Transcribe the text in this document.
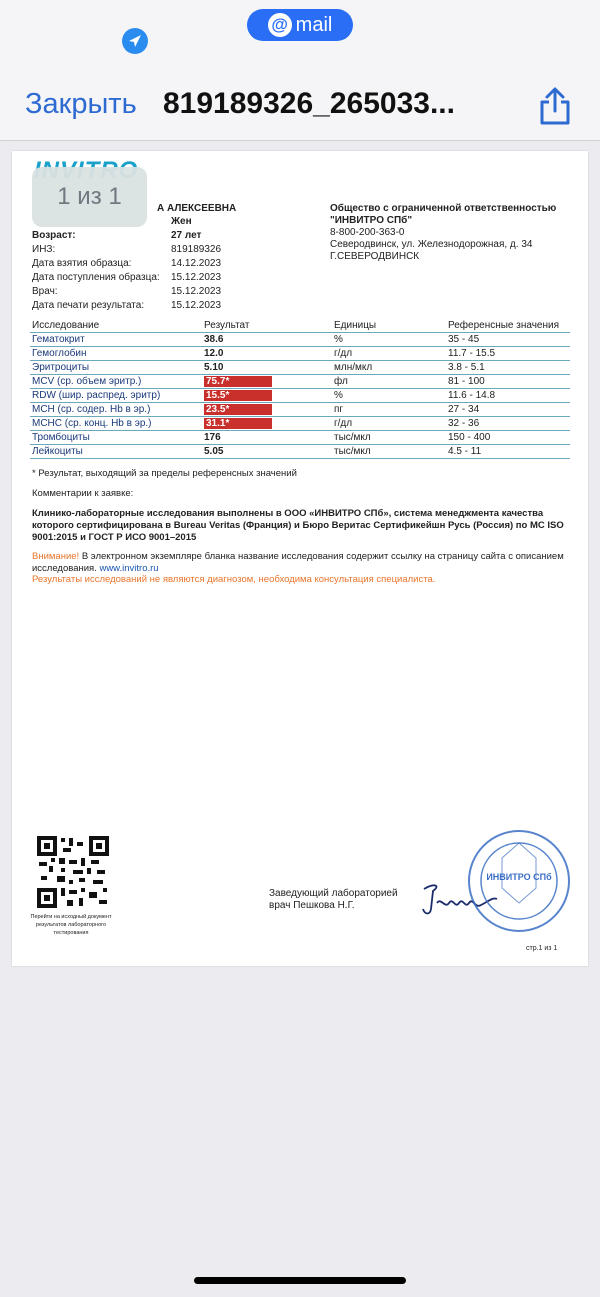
@ mail
Закрыть 819189326_265033...
1 из 1	А АЛЕКСЕЕВНА
Жен
Возраст:	27 лет
ИНЗ:	819189326
Дата взятия образца:	14.12.2023
Дата поступления образца:	15.12.2023
Врач:	15.12.2023
Дата печати результата:	15.12.2023
Общество с ограниченной ответственностью
"ИНВИТРО СПб"
8-800-200-363-0
Северодвинск, ул. Железнодорожная, д. 34
Г.СЕВЕРОДВИНСК
Исследование	Результат	Единицы	Референсные значения
Гематокрит	38.6	%	35 - 45
Гемоглобин	12.0	г/дл	11.7 - 15.5
Эритроциты	5.10	млн/мкл	3.8 - 5.1
MCV (ср. объем эритр.)	75.7*	фл	81 - 100
RDW (шир. распред. эритр)	15.5*	%	11.6 - 14.8
MCH (ср. содер. Hb в эр.)	23.5*	пг	27 - 34
MCHC (ср. конц. Hb в эр.)	31.1*	г/дл	32 - 36
Тромбоциты	176	тыс/мкл	150 - 400
Лейкоциты	5.05	тыс/мкл	4.5 - 11
* Результат, выходящий за пределы референсных значений
Комментарии к заявке:
Клинико-лабораторные исследования выполнены в ООО «ИНВИТРО СПб», система менеджмента качества которого сертифицирована в Bureau Veritas (Франция) и Бюро Веритас Сертификейшн Русь (Россия) по МС ISO 9001:2015 и ГОСТ Р ИСО 9001–2015
Внимание! В электронном экземпляре бланка название исследования содержит ссылку на страницу сайта с описанием исследования. www.invitro.ru
Результаты исследований не являются диагнозом, необходима консультация специалиста.
Перейти на исходный документ результатов лабораторного тестирования
Заведующий лабораторией
врач Пешкова Н.Г.
ИНВИТРО СПб
стр.1 из 1
